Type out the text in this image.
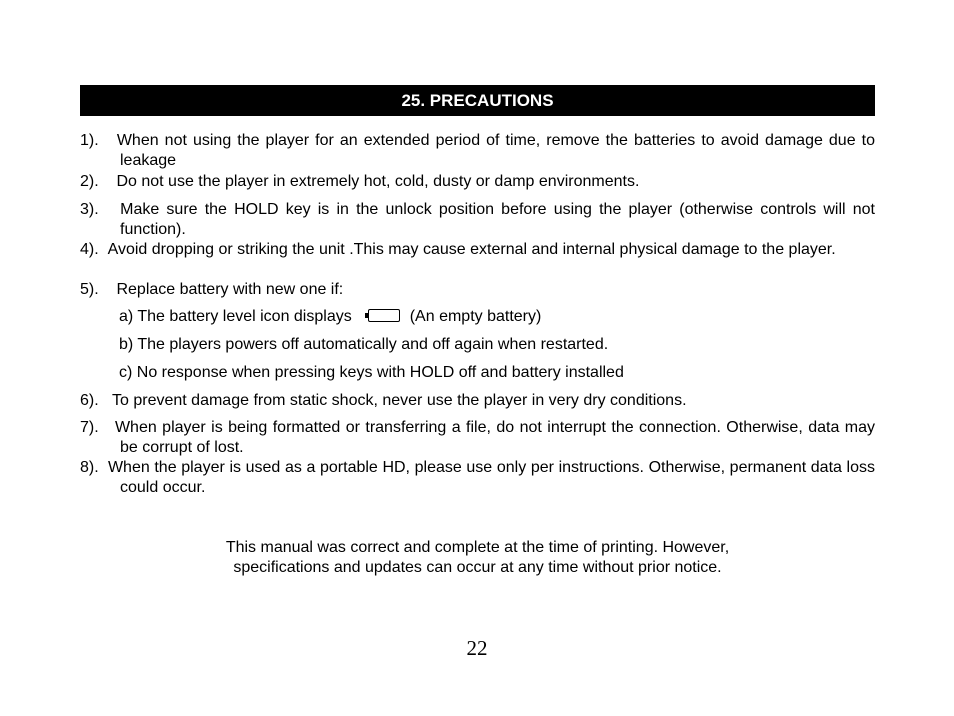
25. PRECAUTIONS
1). When not using the player for an extended period of time, remove the batteries to avoid damage due to leakage
2).    Do not use the player in extremely hot, cold, dusty or damp environments.
3). Make sure the HOLD key is in the unlock position before using the player (otherwise controls will not function).
4). Avoid dropping or striking the unit .This may cause external and internal physical damage to the player.
5).    Replace battery with new one if:
a) The battery level icon displays	(An empty battery)
b) The players powers off automatically and off again when restarted.
c) No response when pressing keys with HOLD off and battery installed
6). To prevent damage from static shock, never use the player in very dry conditions.
7). When player is being formatted or transferring a file, do not interrupt the connection. Otherwise, data may be corrupt of lost.
8). When the player is used as a portable HD, please use only per instructions. Otherwise, permanent data loss could occur.
This manual was correct and complete at the time of printing. However,
specifications and updates can occur at any time without prior notice.
22
